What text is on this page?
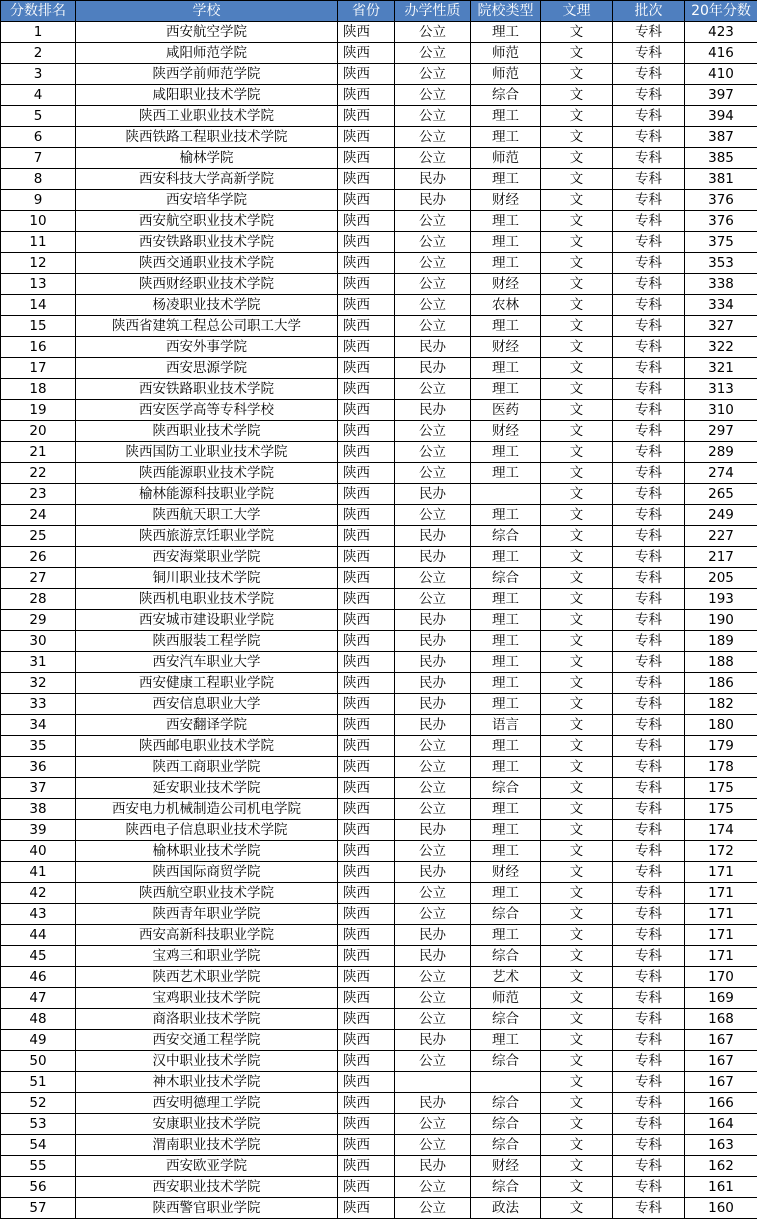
分数排名	学校	省份	办学性质	院校类型	文理	批次	20年分数
1	西安航空学院	陕西	公立	理工	文	专科	423
2	咸阳师范学院	陕西	公立	师范	文	专科	416
3	陕西学前师范学院	陕西	公立	师范	文	专科	410
4	咸阳职业技术学院	陕西	公立	综合	文	专科	397
5	陕西工业职业技术学院	陕西	公立	理工	文	专科	394
6	陕西铁路工程职业技术学院	陕西	公立	理工	文	专科	387
7	榆林学院	陕西	公立	师范	文	专科	385
8	西安科技大学高新学院	陕西	民办	理工	文	专科	381
9	西安培华学院	陕西	民办	财经	文	专科	376
10	西安航空职业技术学院	陕西	公立	理工	文	专科	376
11	西安铁路职业技术学院	陕西	公立	理工	文	专科	375
12	陕西交通职业技术学院	陕西	公立	理工	文	专科	353
13	陕西财经职业技术学院	陕西	公立	财经	文	专科	338
14	杨凌职业技术学院	陕西	公立	农林	文	专科	334
15	陕西省建筑工程总公司职工大学	陕西	公立	理工	文	专科	327
16	西安外事学院	陕西	民办	财经	文	专科	322
17	西安思源学院	陕西	民办	理工	文	专科	321
18	西安铁路职业技术学院	陕西	公立	理工	文	专科	313
19	西安医学高等专科学校	陕西	民办	医药	文	专科	310
20	陕西职业技术学院	陕西	公立	财经	文	专科	297
21	陕西国防工业职业技术学院	陕西	公立	理工	文	专科	289
22	陕西能源职业技术学院	陕西	公立	理工	文	专科	274
23	榆林能源科技职业学院	陕西	民办		文	专科	265
24	陕西航天职工大学	陕西	公立	理工	文	专科	249
25	陕西旅游烹饪职业学院	陕西	民办	综合	文	专科	227
26	西安海棠职业学院	陕西	民办	理工	文	专科	217
27	铜川职业技术学院	陕西	公立	综合	文	专科	205
28	陕西机电职业技术学院	陕西	公立	理工	文	专科	193
29	西安城市建设职业学院	陕西	民办	理工	文	专科	190
30	陕西服装工程学院	陕西	民办	理工	文	专科	189
31	西安汽车职业大学	陕西	民办	理工	文	专科	188
32	西安健康工程职业学院	陕西	民办	理工	文	专科	186
33	西安信息职业大学	陕西	民办	理工	文	专科	182
34	西安翻译学院	陕西	民办	语言	文	专科	180
35	陕西邮电职业技术学院	陕西	公立	理工	文	专科	179
36	陕西工商职业学院	陕西	公立	理工	文	专科	178
37	延安职业技术学院	陕西	公立	综合	文	专科	175
38	西安电力机械制造公司机电学院	陕西	公立	理工	文	专科	175
39	陕西电子信息职业技术学院	陕西	民办	理工	文	专科	174
40	榆林职业技术学院	陕西	公立	理工	文	专科	172
41	陕西国际商贸学院	陕西	民办	财经	文	专科	171
42	陕西航空职业技术学院	陕西	公立	理工	文	专科	171
43	陕西青年职业学院	陕西	公立	综合	文	专科	171
44	西安高新科技职业学院	陕西	民办	理工	文	专科	171
45	宝鸡三和职业学院	陕西	民办	综合	文	专科	171
46	陕西艺术职业学院	陕西	公立	艺术	文	专科	170
47	宝鸡职业技术学院	陕西	公立	师范	文	专科	169
48	商洛职业技术学院	陕西	公立	综合	文	专科	168
49	西安交通工程学院	陕西	民办	理工	文	专科	167
50	汉中职业技术学院	陕西	公立	综合	文	专科	167
51	神木职业技术学院	陕西			文	专科	167
52	西安明德理工学院	陕西	民办	综合	文	专科	166
53	安康职业技术学院	陕西	公立	综合	文	专科	164
54	渭南职业技术学院	陕西	公立	综合	文	专科	163
55	西安欧亚学院	陕西	民办	财经	文	专科	162
56	西安职业技术学院	陕西	公立	综合	文	专科	161
57	陕西警官职业学院	陕西	公立	政法	文	专科	160
